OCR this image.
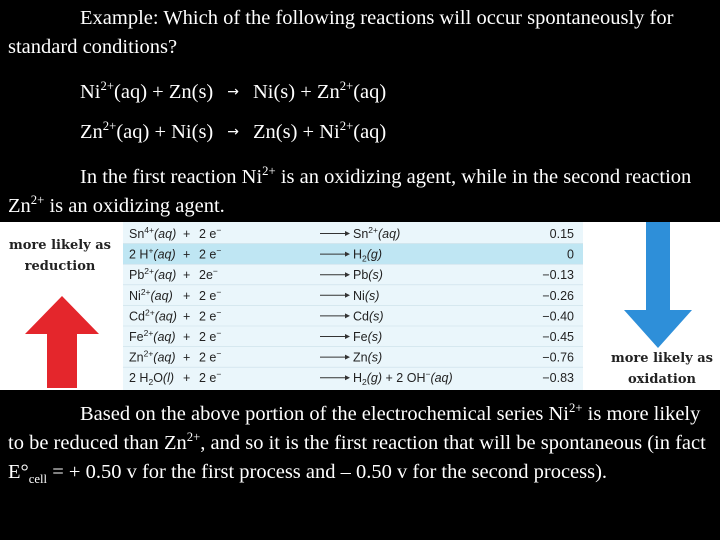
Example: Which of the following reactions will occur spontaneously for standard conditions?
$Ni^{2+}(aq) + Zn(s) \to Ni(s) + Zn^{2+}(aq)$
$Zn^{2+}(aq) + Ni(s) \to Zn(s) + Ni^{2+}(aq)$
In the first reaction $Ni^{2+}$ is an oxidizing agent, while in the second reaction $Zn^{2+}$ is an oxidizing agent.
$Sn^{4+}(aq) + 2$ e−	$Sn^{2+}(aq)$	0.15
2 H+(aq) + 2 e−	$H_2(g)$	0
$Pb^{2+}(aq) + 2e^-$	Pb(s)	−0.13
$Ni^{2+}(aq) + 2$ e−	Ni(s)	−0.26
$Cd^{2+}(aq) + 2$ e−	Cd(s)	−0.40
$Fe^{2+}(aq) + 2$ e−	Fe(s)	−0.45
$Zn^{2+}(aq) + 2$ e−	Zn(s)	−0.76
2 $H_2O(l) + 2$ e−	$H_2(g) + 2$ OH−(aq)	−0.83
more likely as
reduction
more likely as
oxidation
Based on the above portion of the electrochemical series $Ni^{2+}$ is more likely to be reduced than $Zn^{2+}$, and so it is the first reaction that will be spontaneous (in fact $E^\circ_{cell}$ = + 0.50 v for the first process and – 0.50 v for the second process).
